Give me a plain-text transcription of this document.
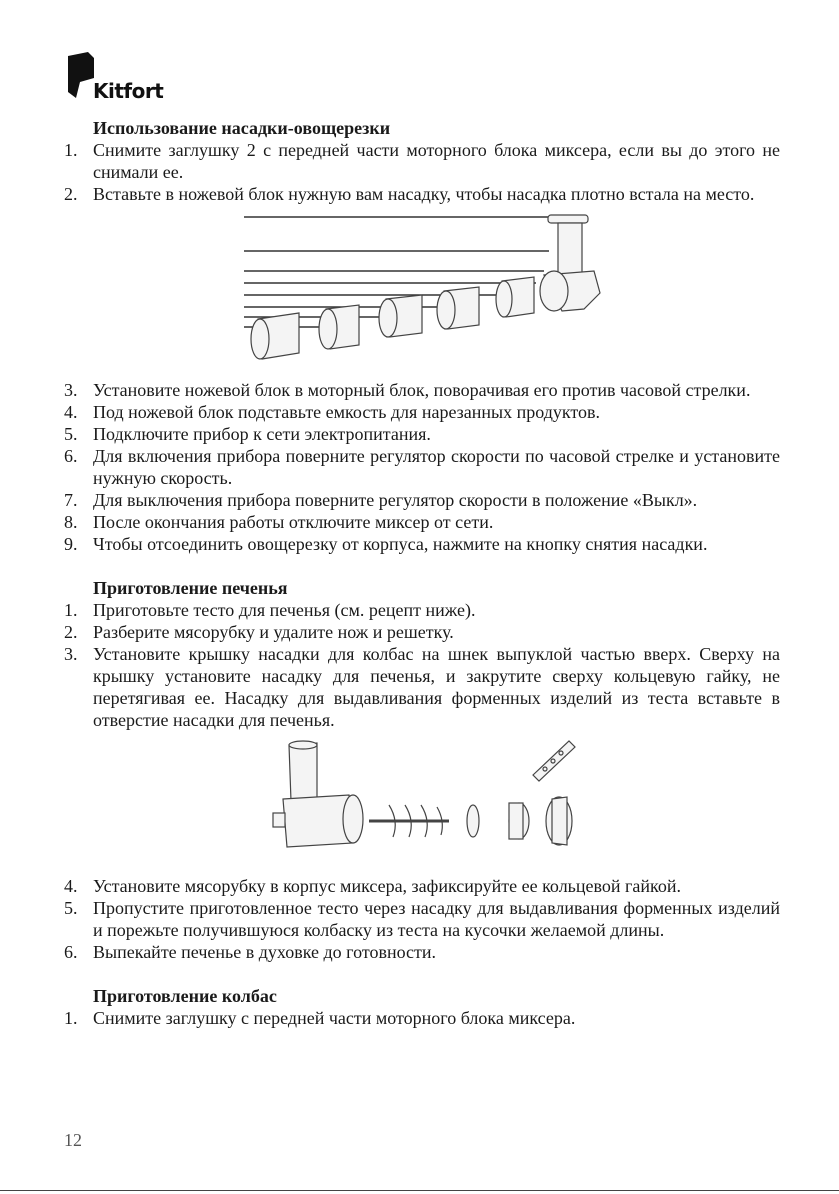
Kitfort
Использование насадки-овощерезки
1. Снимите заглушку 2 с передней части моторного блока миксера, если вы до этого не снимали ее.
2. Вставьте в ножевой блок нужную вам насадку, чтобы насадка плотно встала на место.
3. Установите ножевой блок в моторный блок, поворачивая его против часовой стрелки.
4. Под ножевой блок подставьте емкость для нарезанных продуктов.
5. Подключите прибор к сети электропитания.
6. Для включения прибора поверните регулятор скорости по часовой стрелке и установите нужную скорость.
7. Для выключения прибора поверните регулятор скорости в положение «Выкл».
8. После окончания работы отключите миксер от сети.
9. Чтобы отсоединить овощерезку от корпуса, нажмите на кнопку снятия насадки.
Приготовление печенья
1. Приготовьте тесто для печенья (см. рецепт ниже).
2. Разберите мясорубку и удалите нож и решетку.
3. Установите крышку насадки для колбас на шнек выпуклой частью вверх. Сверху на крышку установите насадку для печенья, и закрутите сверху кольцевую гайку, не перетягивая ее. Насадку для выдавливания форменных изделий из теста вставьте в отверстие насадки для печенья.
4. Установите мясорубку в корпус миксера, зафиксируйте ее кольцевой гайкой.
5. Пропустите приготовленное тесто через насадку для выдавливания форменных изделий и порежьте получившуюся колбаску из теста на кусочки желаемой длины.
6. Выпекайте печенье в духовке до готовности.
Приготовление колбас
1. Снимите заглушку с передней части моторного блока миксера.
12
